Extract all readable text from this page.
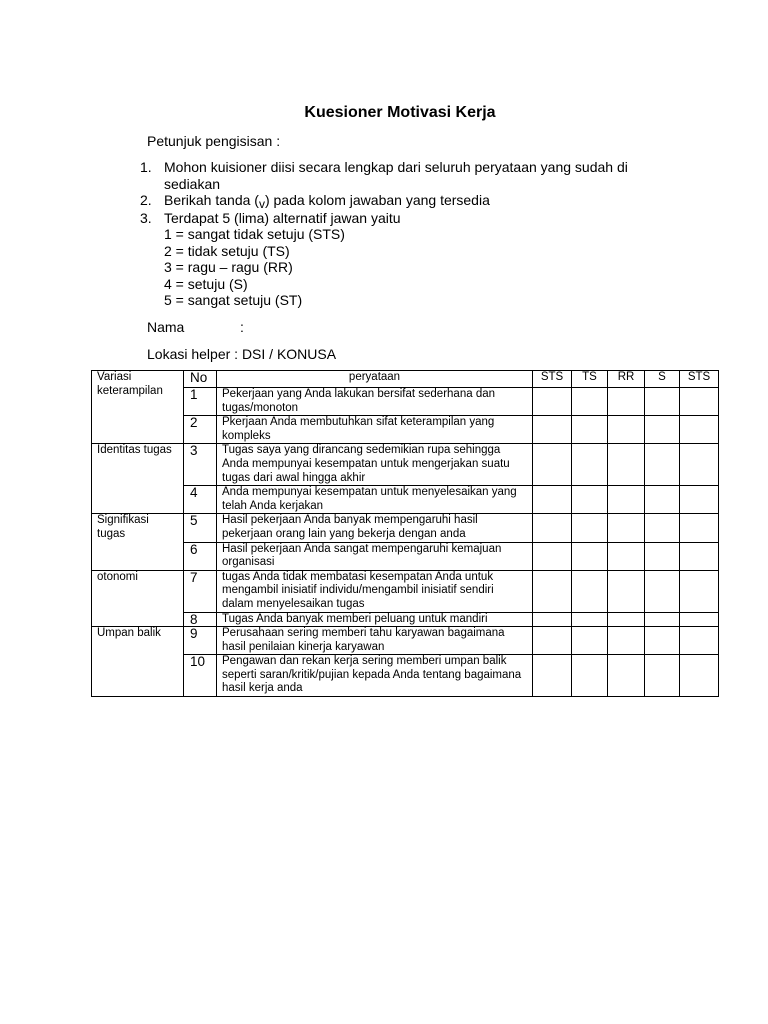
Kuesioner Motivasi Kerja
Petunjuk pengisisan :
1. Mohon kuisioner diisi secara lengkap dari seluruh peryataan yang sudah di sediakan
2. Berikah tanda (v) pada kolom jawaban yang tersedia
3. Terdapat 5 (lima) alternatif jawan yaitu
1 = sangat tidak setuju (STS)
2 = tidak setuju (TS)
3 = ragu – ragu (RR)
4 = setuju (S)
5 = sangat setuju (ST)
Nama	:
Lokasi helper : DSI / KONUSA
Variasi keterampilan	No	peryataan	STS	TS	RR	S	STS
	1	Pekerjaan yang Anda lakukan bersifat sederhana dan tugas/monoton					
	2	Pkerjaan Anda membutuhkan sifat keterampilan yang kompleks					
Identitas tugas	3	Tugas saya yang dirancang sedemikian rupa sehingga Anda mempunyai kesempatan untuk mengerjakan suatu tugas dari awal hingga akhir					
	4	Anda mempunyai kesempatan untuk menyelesaikan yang telah Anda kerjakan					
Signifikasi tugas	5	Hasil pekerjaan Anda banyak mempengaruhi hasil pekerjaan orang lain yang bekerja dengan anda					
	6	Hasil pekerjaan Anda sangat mempengaruhi kemajuan organisasi					
otonomi	7	tugas Anda tidak membatasi kesempatan Anda untuk mengambil inisiatif individu/mengambil inisiatif sendiri dalam menyelesaikan tugas					
	8	Tugas Anda banyak memberi peluang untuk mandiri					
Umpan balik	9	Perusahaan sering memberi tahu karyawan bagaimana hasil penilaian kinerja karyawan					
	10	Pengawan dan rekan kerja sering memberi umpan balik seperti saran/kritik/pujian kepada Anda tentang bagaimana hasil kerja anda					
